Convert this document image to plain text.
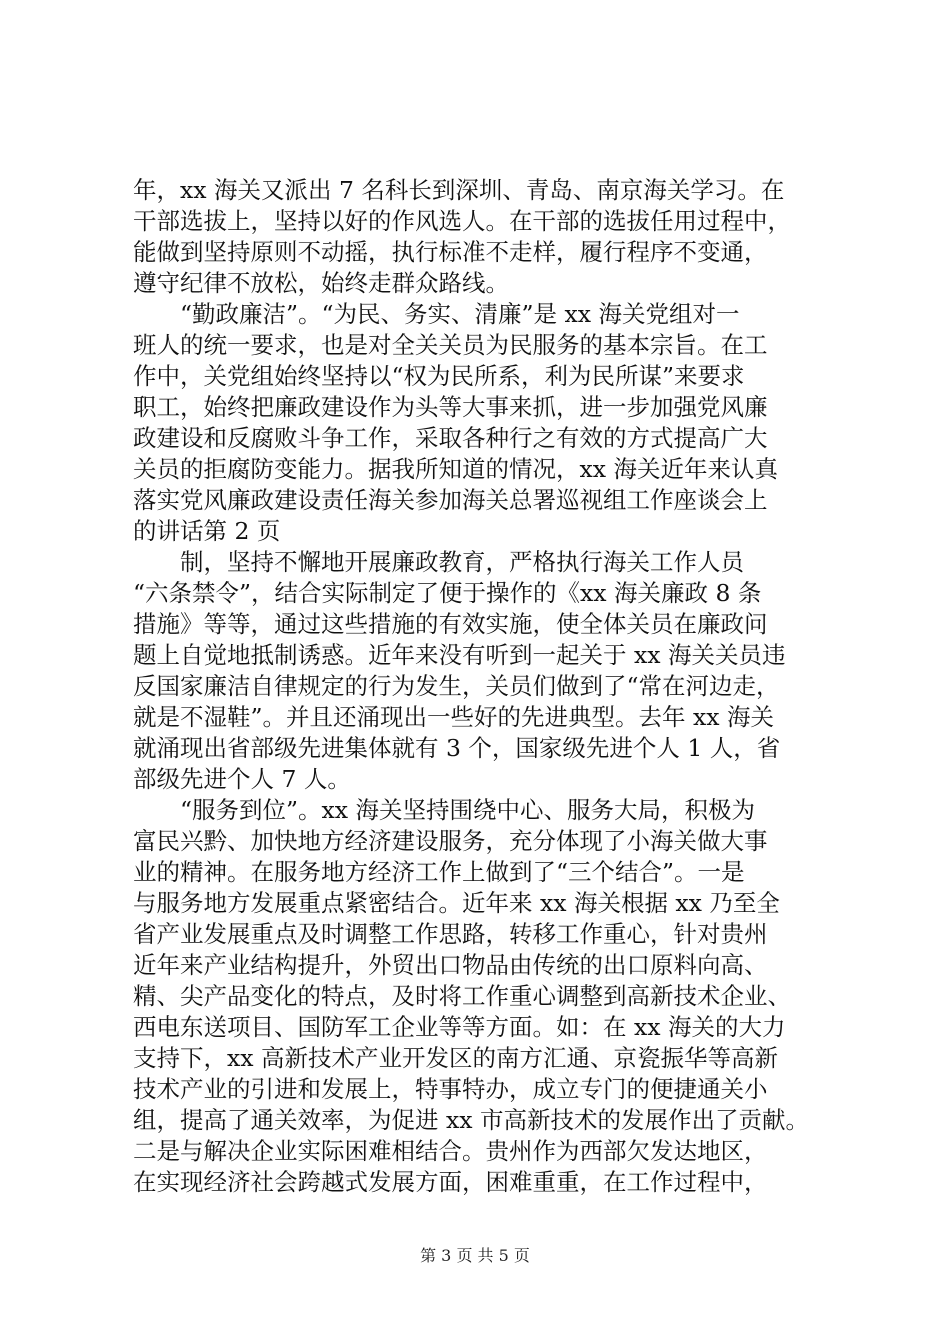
年，xx 海关又派出 7 名科长到深圳、青岛、南京海关学习。在
干部选拔上，坚持以好的作风选人。在干部的选拔任用过程中，
能做到坚持原则不动摇，执行标准不走样，履行程序不变通，
遵守纪律不放松，始终走群众路线。
　　“勤政廉洁”。“为民、务实、清廉”是 xx 海关党组对一
班人的统一要求，也是对全关关员为民服务的基本宗旨。在工
作中，关党组始终坚持以“权为民所系，利为民所谋”来要求
职工，始终把廉政建设作为头等大事来抓，进一步加强党风廉
政建设和反腐败斗争工作，采取各种行之有效的方式提高广大
关员的拒腐防变能力。据我所知道的情况，xx 海关近年来认真
落实党风廉政建设责任海关参加海关总署巡视组工作座谈会上
的讲话第 2 页
　　制，坚持不懈地开展廉政教育，严格执行海关工作人员
“六条禁令”，结合实际制定了便于操作的《xx 海关廉政 8 条
措施》等等，通过这些措施的有效实施，使全体关员在廉政问
题上自觉地抵制诱惑。近年来没有听到一起关于 xx 海关关员违
反国家廉洁自律规定的行为发生，关员们做到了“常在河边走，
就是不湿鞋”。并且还涌现出一些好的先进典型。去年 xx 海关
就涌现出省部级先进集体就有 3 个，国家级先进个人 1 人，省
部级先进个人 7 人。
　　“服务到位”。xx 海关坚持围绕中心、服务大局，积极为
富民兴黔、加快地方经济建设服务，充分体现了小海关做大事
业的精神。在服务地方经济工作上做到了“三个结合”。一是
与服务地方发展重点紧密结合。近年来 xx 海关根据 xx 乃至全
省产业发展重点及时调整工作思路，转移工作重心，针对贵州
近年来产业结构提升，外贸出口物品由传统的出口原料向高、
精、尖产品变化的特点，及时将工作重心调整到高新技术企业、
西电东送项目、国防军工企业等等方面。如：在 xx 海关的大力
支持下，xx 高新技术产业开发区的南方汇通、京瓷振华等高新
技术产业的引进和发展上，特事特办，成立专门的便捷通关小
组，提高了通关效率，为促进 xx 市高新技术的发展作出了贡献。
二是与解决企业实际困难相结合。贵州作为西部欠发达地区，
在实现经济社会跨越式发展方面，困难重重，在工作过程中，
第 3 页 共 5 页
